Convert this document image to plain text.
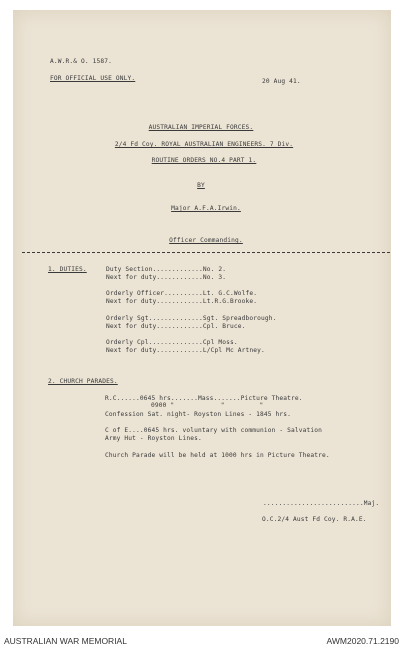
A.W.R.& O. 1587.
FOR OFFICIAL USE ONLY.	20 Aug 41.
AUSTRALIAN IMPERIAL FORCES.
2/4 Fd Coy. ROYAL AUSTRALIAN ENGINEERS. 7 Div.
ROUTINE ORDERS NO.4 PART 1.
BY
Major A.F.A.Irwin.
Officer Commanding.
1. DUTIES.	Duty Section.............No. 2.
Next for duty............No. 3.
Orderly Officer..........Lt. G.C.Wolfe.
Next for duty............Lt.R.G.Brooke.
Orderly Sgt..............Sgt. Spreadborough.
Next for duty............Cpl. Bruce.
Orderly Cpl..............Cpl Moss.
Next for duty............L/Cpl Mc Artney.
2. CHURCH PARADES.
R.C......0645 hrs.......Mass.......Picture Theatre.
0900 "            "         "
Confession Sat. night- Royston Lines - 1845 hrs.
C of E....0645 hrs. voluntary with communion - Salvation
Army Hut - Royston Lines.
Church Parade will be held at 1000 hrs in Picture Theatre.
..........................Maj.
O.C.2/4 Aust Fd Coy. R.A.E.
AUSTRALIAN WAR MEMORIAL	AWM2020.71.2190
